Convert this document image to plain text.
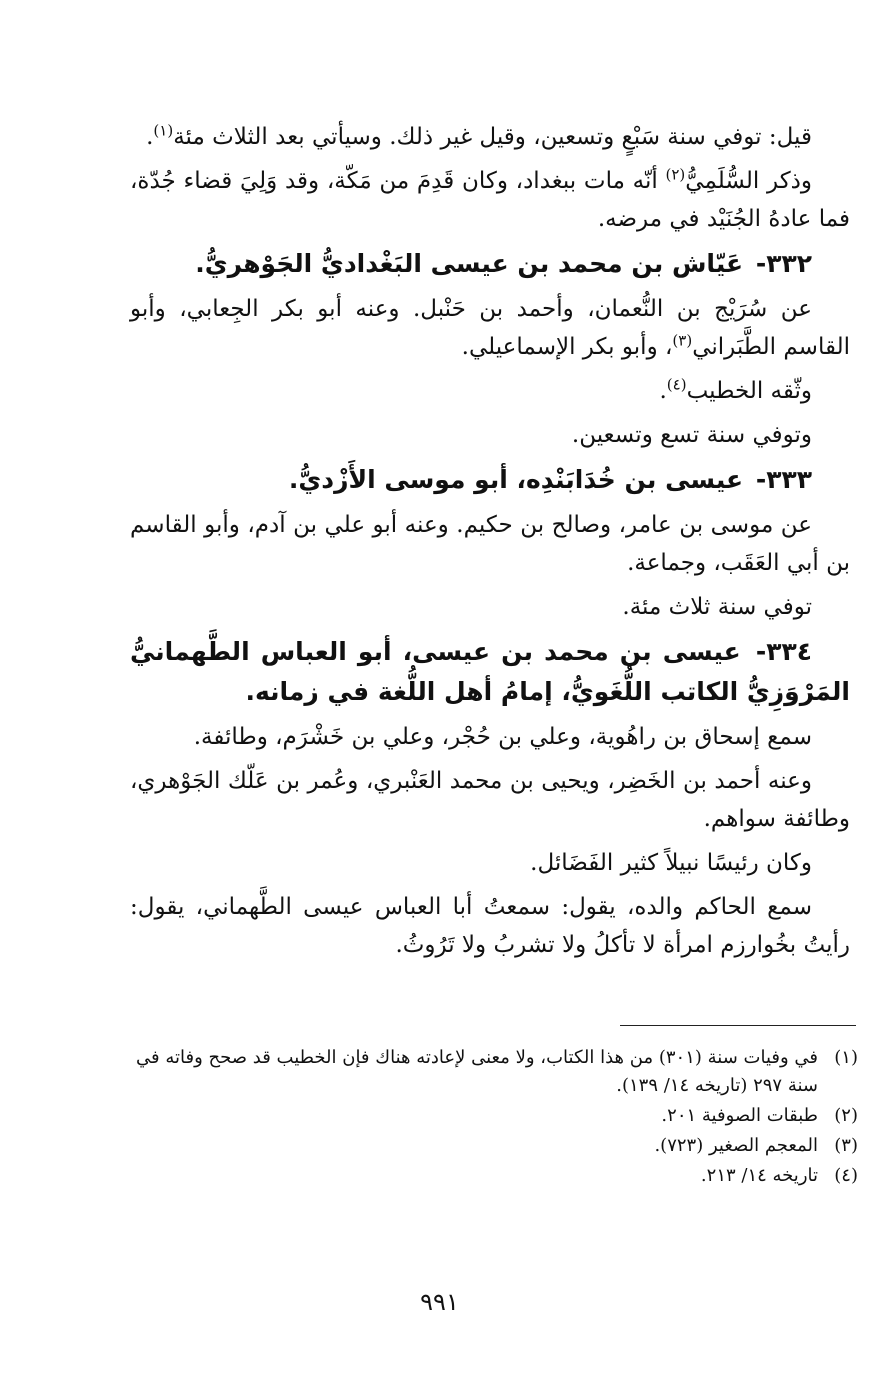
قيل: توفي سنة سَبْعٍ وتسعين، وقيل غير ذلك. وسيأتي بعد الثلاث مئة$^{(١)}$.

وذكر السُّلَمِيُّ$^{(٢)}$ أنّه مات ببغداد، وكان قَدِمَ من مَكّة، وقد وَلِيَ قضاء جُدّة، فما عادهُ الجُنَيْد في مرضه.

٣٣٢- عَيّاش بن محمد بن عيسى البَغْداديُّ الجَوْهريُّ.

عن سُرَيْج بن النُّعمان، وأحمد بن حَنْبل. وعنه أبو بكر الجِعابي، وأبو القاسم الطَّبَراني$^{(٣)}$، وأبو بكر الإسماعيلي.

وثّقه الخطيب$^{(٤)}$.

وتوفي سنة تسع وتسعين.

٣٣٣- عيسى بن خُدَابَنْدِه، أبو موسى الأَزْديُّ.

عن موسى بن عامر، وصالح بن حكيم. وعنه أبو علي بن آدم، وأبو القاسم بن أبي العَقَب، وجماعة.

توفي سنة ثلاث مئة.

٣٣٤- عيسى بن محمد بن عيسى، أبو العباس الطَّهمانيُّ المَرْوَزِيُّ الكاتب اللُّغَويُّ، إمامُ أهل اللُّغة في زمانه.

سمع إسحاق بن راهُوية، وعلي بن حُجْر، وعلي بن خَشْرَم، وطائفة.

وعنه أحمد بن الخَضِر، ويحيى بن محمد العَنْبري، وعُمر بن عَلّك الجَوْهري، وطائفة سواهم.

وكان رئيسًا نبيلاً كثير الفَضَائل.

سمع الحاكم والده، يقول: سمعتُ أبا العباس عيسى الطَّهماني، يقول: رأيتُ بخُوارزم امرأة لا تأكلُ ولا تشربُ ولا تَرُوثُ.

(١)
في وفيات سنة (٣٠١) من هذا الكتاب، ولا معنى لإعادته هناك فإن الخطيب قد صحح وفاته في سنة ٢٩٧ (تاريخه ١٤/ ١٣٩).
(٢)
طبقات الصوفية ٢٠١.
(٣)
المعجم الصغير (٧٢٣).
(٤)
تاريخه ١٤/ ٢١٣.
٩٩١
